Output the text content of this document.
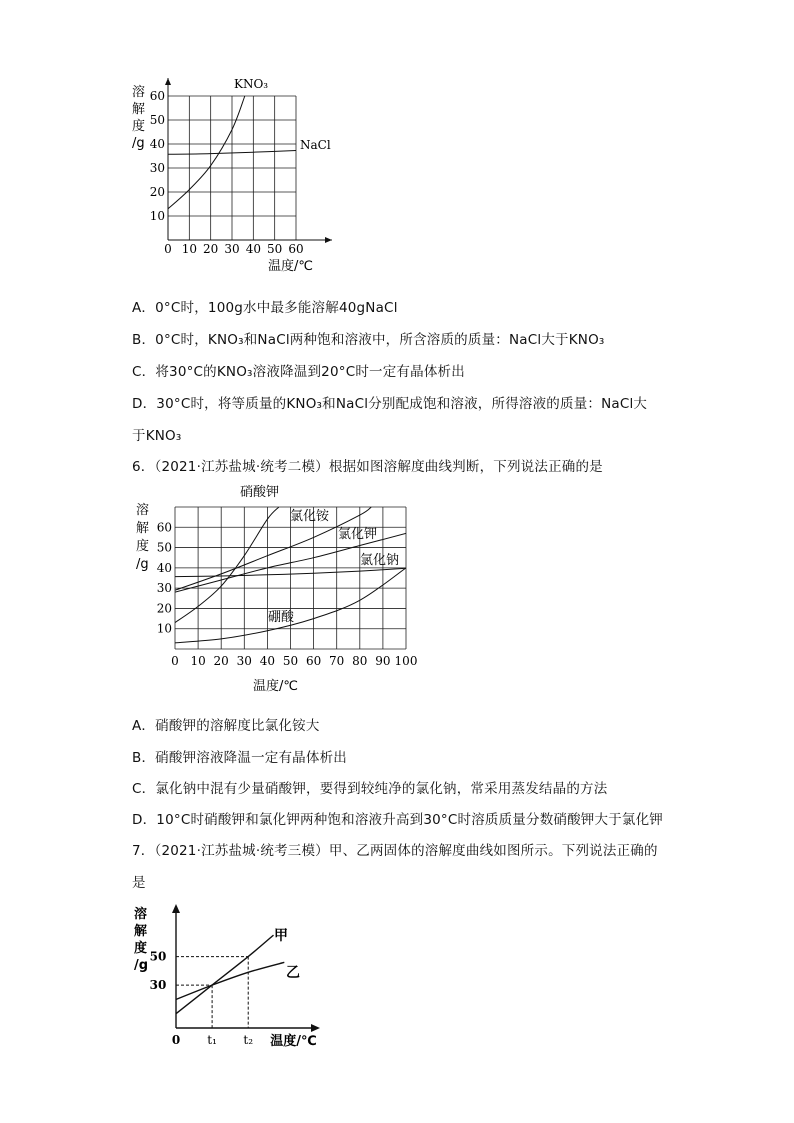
0 10 20 30 40 50 60
10
20
30
40
50
60
溶
解
度
/g
温度/℃
KNO₃
NaCl
A．0°C时，100g水中最多能溶解40gNaCl
B．0°C时，KNO₃和NaCl两种饱和溶液中，所含溶质的质量：NaCl大于KNO₃
C．将30°C的KNO₃溶液降温到20°C时一定有晶体析出
D．30°C时，将等质量的KNO₃和NaCl分别配成饱和溶液，所得溶液的质量：NaCl大
于KNO₃
6．（2021·江苏盐城·统考二模）根据如图溶解度曲线判断，下列说法正确的是
0 10 20 30 40 50 60 70 80 90 100
10
20
30
40
50
60
溶
解
度
/g
温度/℃
硝酸钾
氯化铵
氯化钾
氯化钠
硼酸
A．硝酸钾的溶解度比氯化铵大
B．硝酸钾溶液降温一定有晶体析出
C．氯化钠中混有少量硝酸钾，要得到较纯净的氯化钠，常采用蒸发结晶的方法
D．10°C时硝酸钾和氯化钾两种饱和溶液升高到30°C时溶质质量分数硝酸钾大于氯化钾
7．（2021·江苏盐城·统考三模）甲、乙两固体的溶解度曲线如图所示。下列说法正确的
是
甲
乙
溶
解
度
/g
30
50
0 t₁ t₂ 温度/℃
